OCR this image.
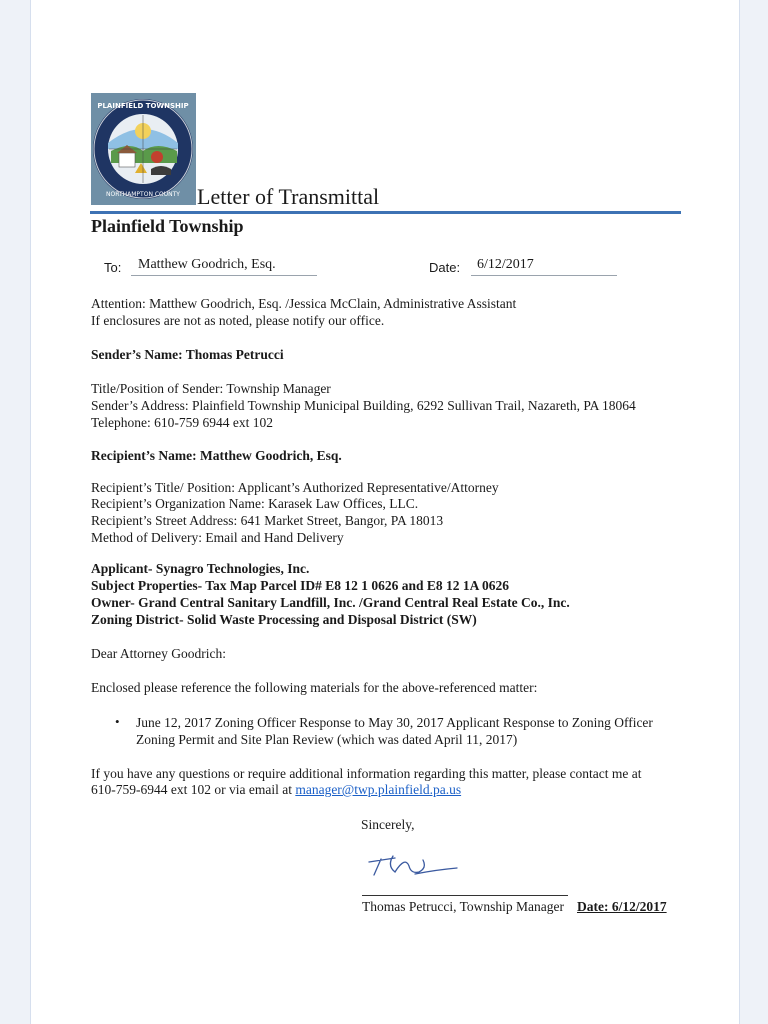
PLAINFIELD TOWNSHIP
NORTHAMPTON COUNTY Letter of Transmittal
Plainfield Township
To:	Matthew Goodrich, Esq.	Date:	6/12/2017
Attention: Matthew Goodrich, Esq. /Jessica McClain, Administrative Assistant
If enclosures are not as noted, please notify our office.
Sender’s Name: Thomas Petrucci
Title/Position of Sender: Township Manager
Sender’s Address: Plainfield Township Municipal Building, 6292 Sullivan Trail, Nazareth, PA 18064
Telephone: 610-759 6944 ext 102
Recipient’s Name: Matthew Goodrich, Esq.
Recipient’s Title/ Position: Applicant’s Authorized Representative/Attorney
Recipient’s Organization Name: Karasek Law Offices, LLC.
Recipient’s Street Address: 641 Market Street, Bangor, PA 18013
Method of Delivery: Email and Hand Delivery
Applicant- Synagro Technologies, Inc.
Subject Properties- Tax Map Parcel ID# E8 12 1 0626 and E8 12 1A 0626
Owner- Grand Central Sanitary Landfill, Inc. /Grand Central Real Estate Co., Inc.
Zoning District- Solid Waste Processing and Disposal District (SW)
Dear Attorney Goodrich:
Enclosed please reference the following materials for the above-referenced matter:
• June 12, 2017 Zoning Officer Response to May 30, 2017 Applicant Response to Zoning Officer
Zoning Permit and Site Plan Review (which was dated April 11, 2017)
If you have any questions or require additional information regarding this matter, please contact me at
610-759-6944 ext 102 or via email at manager@twp.plainfield.pa.us
Sincerely,
Thomas Petrucci, Township Manager Date: 6/12/2017
